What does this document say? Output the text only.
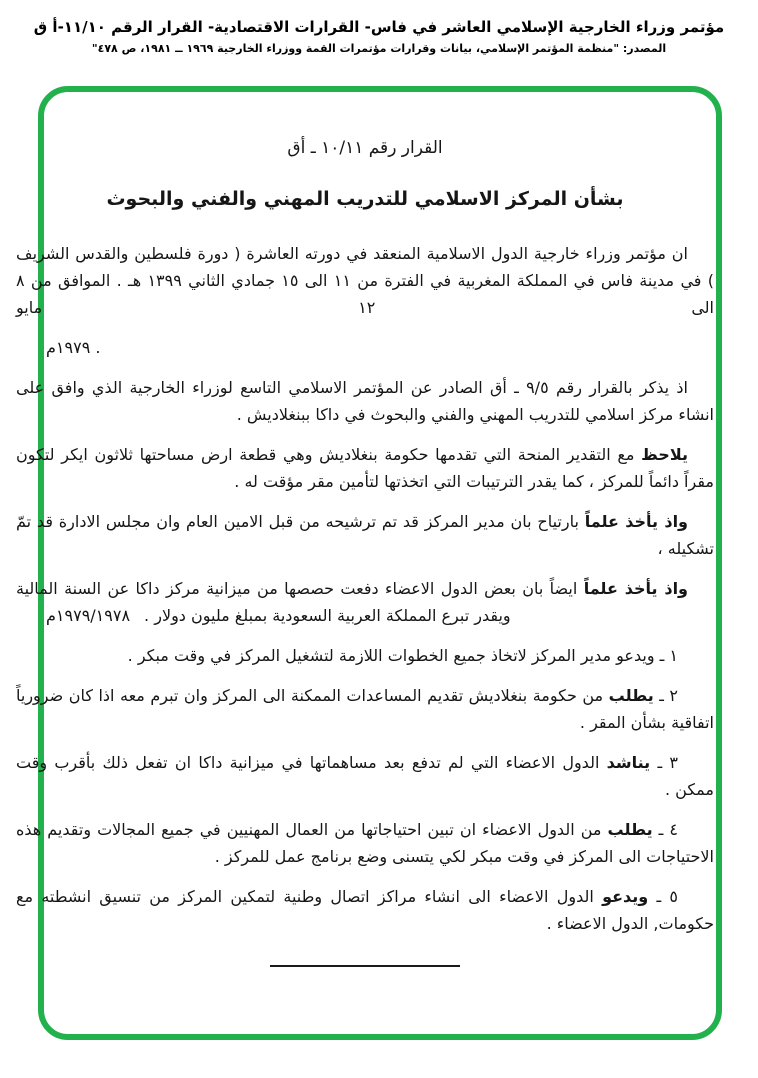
مؤتمر وزراء الخارجية الإسلامي العاشر في فاس- القرارات الاقتصادية- القرار الرقم ١١/١٠-أ ق
المصدر: "منظمة المؤتمر الإسلامي، بيانات وقرارات مؤتمرات القمة ووزراء الخارجية ١٩٦٩ ــ ١٩٨١، ص ٤٧٨"
القرار رقم ١٠/١١ ـ أق
بشأن المركز الاسلامي للتدريب المهني والفني والبحوث

ان مؤتمر وزراء خارجية الدول الاسلامية المنعقد في دورته العاشرة ( دورة فلسطين والقدس الشريف ) في مدينة فاس في المملكة المغربية في الفترة من ١١ الى ١٥ جمادي الثاني ١٣٩٩ هـ . الموافق من ٨ الى ١٢ مايو

١٩٧٩م .

اذ يذكر بالقرار رقم ٩/٥ ـ أق الصادر عن المؤتمر الاسلامي التاسع لوزراء الخارجية الذي وافق على انشاء مركز اسلامي للتدريب المهني والفني والبحوث في داكا ببنغلاديش .

يلاحظ مع التقدير المنحة التي تقدمها حكومة بنغلاديش وهي قطعة ارض مساحتها ثلاثون ايكر لتكون مقراً دائماً للمركز ، كما يقدر الترتيبات التي اتخذتها لتأمين مقر مؤقت له .

واذ يأخذ علماً بارتياح بان مدير المركز قد تم ترشيحه من قبل الامين العام وان مجلس الادارة قد تمّ تشكيله ،

واذ يأخذ علماً ايضاً بان بعض الدول الاعضاء دفعت حصصها من ميزانية مركز داكا عن السنة المالية

١٩٧٩/١٩٧٨م ويقدر تبرع المملكة العربية السعودية بمبلغ مليون دولار .

١ ـ ويدعو مدير المركز لاتخاذ جميع الخطوات اللازمة لتشغيل المركز في وقت مبكر .

٢ ـ يطلب من حكومة بنغلاديش تقديم المساعدات الممكنة الى المركز وان تبرم معه اذا كان ضرورياً اتفاقية بشأن المقر .

٣ ـ يناشد الدول الاعضاء التي لم تدفع بعد مساهماتها في ميزانية داكا ان تفعل ذلك بأقرب وقت ممكن .

٤ ـ يطلب من الدول الاعضاء ان تبين احتياجاتها من العمال المهنيين في جميع المجالات وتقديم هذه الاحتياجات الى المركز في وقت مبكر لكي يتسنى وضع برنامج عمل للمركز .

٥ ـ ويدعو الدول الاعضاء الى انشاء مراكز اتصال وطنية لتمكين المركز من تنسيق انشطته مع حكومات, الدول الاعضاء .
